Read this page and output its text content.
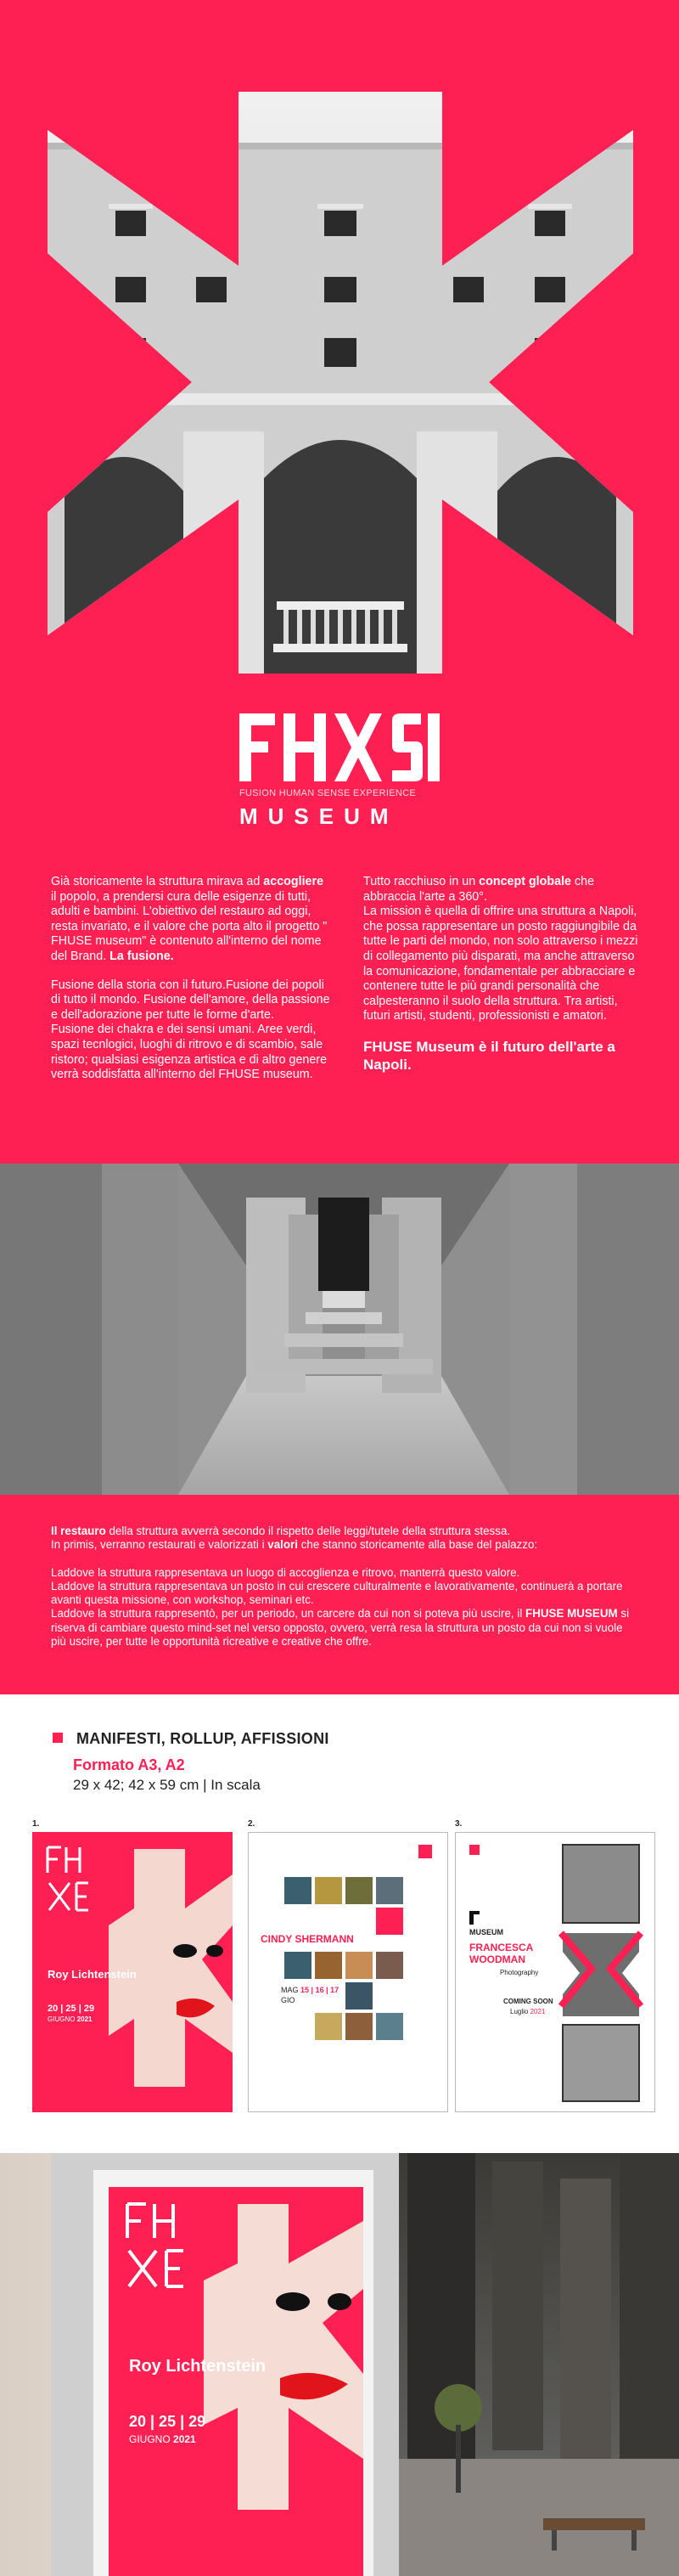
FUSION HUMAN SENSE EXPERIENCE
MUSEUM

Già storicamente la struttura mirava ad accogliere il popolo, a prendersi cura delle esigenze di tutti, adulti e bambini. L'obiettivo del restauro ad oggi, resta invariato, e il valore che porta alto il progetto " FHUSE museum" è contenuto all'interno del nome del Brand. La fusione.

Fusione della storia con il futuro.Fusione dei popoli di tutto il mondo. Fusione dell'amore, della passione e dell'adorazione per tutte le forme d'arte.

Fusione dei chakra e dei sensi umani. Aree verdi, spazi tecnlogici, luoghi di ritrovo e di scambio, sale ristoro; qualsiasi esigenza artistica e di altro genere verrà soddisfatta all'interno del FHUSE museum.

Tutto racchiuso in un concept globale che abbraccia l'arte a 360°.

La mission è quella di offrire una struttura a Napoli, che possa rappresentare un posto raggiungibile da tutte le parti del mondo, non solo attraverso i mezzi di collegamento più disparati, ma anche attraverso la comunicazione, fondamentale per abbracciare e contenere tutte le più grandi personalità che calpesteranno il suolo della struttura. Tra artisti, futuri artisti, studenti, professionisti e amatori.

FHUSE Museum è il futuro dell'arte a Napoli.

Il restauro della struttura avverrà secondo il rispetto delle leggi/tutele della struttura stessa.
In primis, verranno restaurati e valorizzati i valori che stanno storicamente alla base del palazzo:

Laddove la struttura rappresentava un luogo di accoglienza e ritrovo, manterrà questo valore.
Laddove la struttura rappresentava un posto in cui crescere culturalmente e lavorativamente, continuerà a portare avanti questa missione, con workshop, seminari etc.
Laddove la struttura rappresentò, per un periodo, un carcere da cui non si poteva più uscire, il FHUSE MUSEUM si riserva di cambiare questo mind-set nel verso opposto, ovvero, verrà resa la struttura un posto da cui non si vuole più uscire, per tutte le opportunità ricreative e creative che offre.

MANIFESTI, ROLLUP, AFFISSIONI
Formato A3, A2
29 x 42; 42 x 59 cm | In scala
1.	2.	3.
Roy Lichtenstein
20 | 25 | 29
GIUGNO 2021
CINDY SHERMANN
MAG 15 | 16 | 17
GIO
MUSEUM
FRANCESCA
WOODMAN
Photography
COMING SOON
Luglio 2021
Roy Lichtenstein
20 | 25 | 29
GIUGNO 2021
